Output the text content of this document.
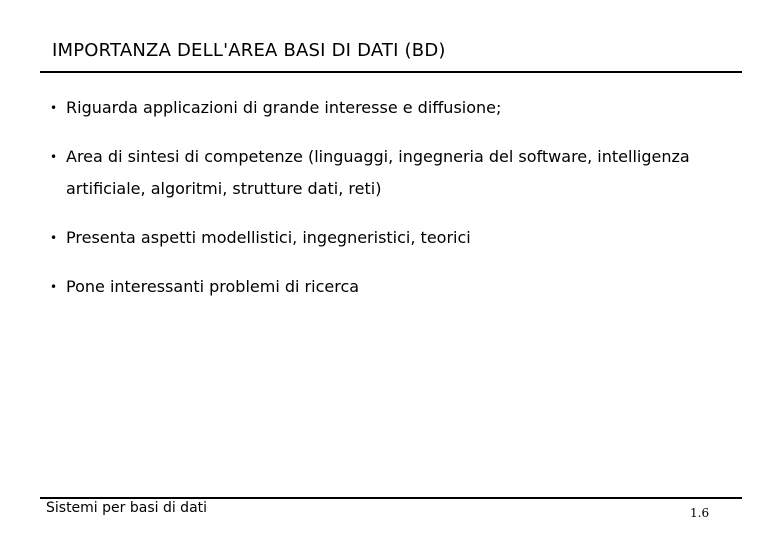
IMPORTANZA DELL'AREA BASI DI DATI (BD)
• Riguarda applicazioni di grande interesse e diffusione;
• Area di sintesi di competenze (linguaggi, ingegneria del software, intelligenza artificiale, algoritmi, strutture dati, reti)
• Presenta aspetti modellistici, ingegneristici, teorici
• Pone interessanti problemi di ricerca
Sistemi per basi di dati	1.6
